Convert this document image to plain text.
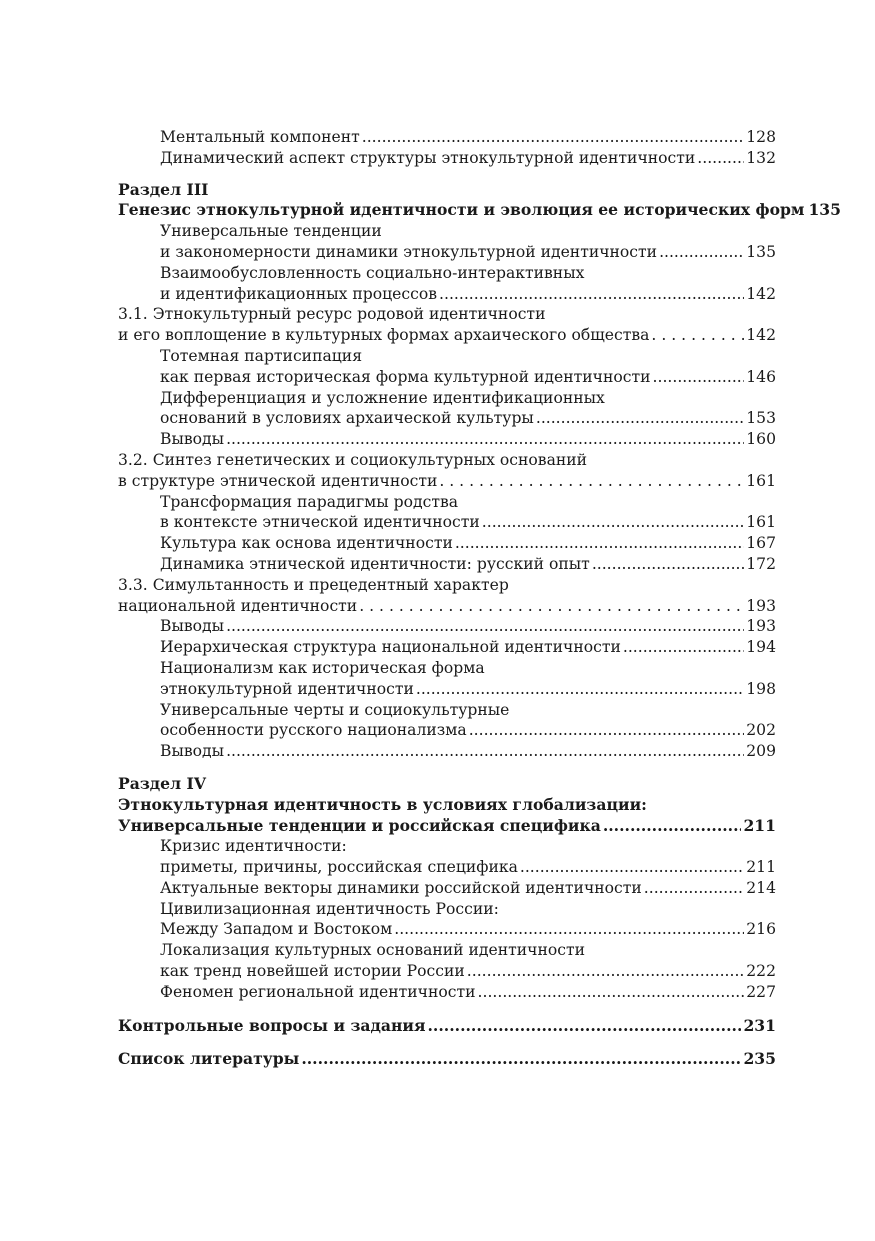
Ментальный компонент .....	128
Динамический аспект структуры этнокультурной идентичности .....	132
Раздел III
Генезис этнокультурной идентичности и эволюция ее исторических форм 135
Универсальные тенденции
и закономерности динамики этнокультурной идентичности .....	135
Взаимообусловленность социально-интерактивных
и идентификационных процессов .....	142
3.1. Этнокультурный ресурс родовой идентичности
и его воплощение в культурных формах архаического общества . . .	142
Тотемная партисипация
как первая историческая форма культурной идентичности .....	146
Дифференциация и усложнение идентификационных
оснований в условиях архаической культуры .....	153
Выводы .....	160
3.2. Синтез генетических и социокультурных оснований
в структуре этнической идентичности . . .	161
Трансформация парадигмы родства
в контексте этнической идентичности .....	161
Культура как основа идентичности .....	167
Динамика этнической идентичности: русский опыт .....	172
3.3. Симультанность и прецедентный характер
национальной идентичности . . .	193
Выводы .....	193
Иерархическая структура национальной идентичности .....	194
Национализм как историческая форма
этнокультурной идентичности .....	198
Универсальные черты и социокультурные
особенности русского национализма .....	202
Выводы .....	209
Раздел IV
Этнокультурная идентичность в условиях глобализации:
Универсальные тенденции и российская специфика .....	211
Кризис идентичности:
приметы, причины, российская специфика .....	211
Актуальные векторы динамики российской идентичности .....	214
Цивилизационная идентичность России:
Между Западом и Востоком .....	216
Локализация культурных оснований идентичности
как тренд новейшей истории России .....	222
Феномен региональной идентичности .....	227
Контрольные вопросы и задания .....	231
Список литературы .....	235
